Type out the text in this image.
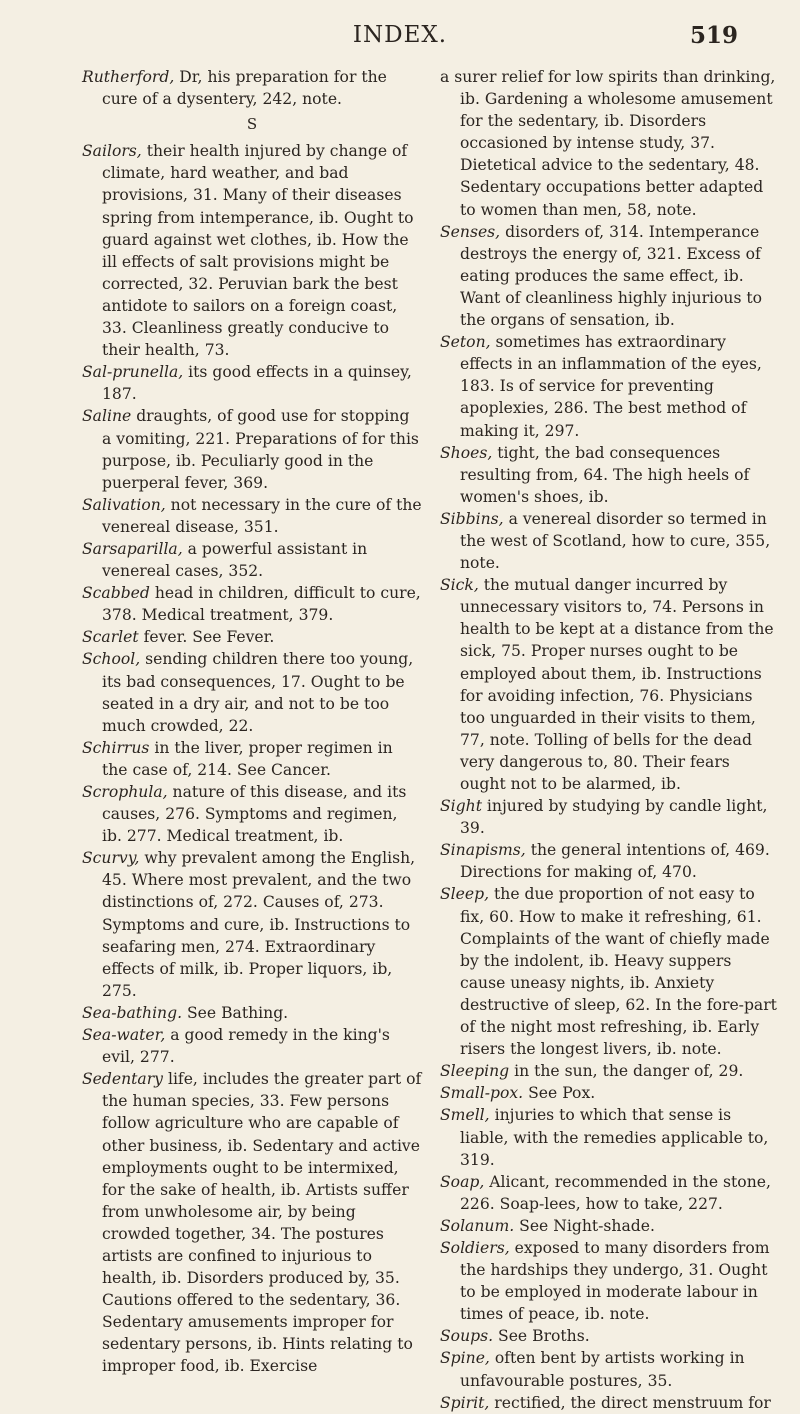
INDEX.	519

Rutherford, Dr, his preparation for the cure of a dysentery, 242, note.

S

Sailors, their health injured by change of climate, hard weather, and bad provisions, 31. Many of their diseases spring from intemperance, ib. Ought to guard against wet clothes, ib. How the ill effects of salt provisions might be corrected, 32. Peruvian bark the best antidote to sailors on a foreign coast, 33. Cleanliness greatly conducive to their health, 73.

Sal-prunella, its good effects in a quinsey, 187.

Saline draughts, of good use for stopping a vomiting, 221. Preparations of for this purpose, ib. Peculiarly good in the puerperal fever, 369.

Salivation, not necessary in the cure of the venereal disease, 351.

Sarsaparilla, a powerful assistant in venereal cases, 352.

Scabbed head in children, difficult to cure, 378. Medical treatment, 379.

Scarlet fever. See Fever.

School, sending children there too young, its bad consequences, 17. Ought to be seated in a dry air, and not to be too much crowded, 22.

Schirrus in the liver, proper regimen in the case of, 214. See Cancer.

Scrophula, nature of this disease, and its causes, 276. Symptoms and regimen, ib. 277. Medical treatment, ib.

Scurvy, why prevalent among the English, 45. Where most prevalent, and the two distinctions of, 272. Causes of, 273. Symptoms and cure, ib. Instructions to seafaring men, 274. Extraordinary effects of milk, ib. Proper liquors, ib, 275.

Sea-bathing. See Bathing.

Sea-water, a good remedy in the king's evil, 277.

Sedentary life, includes the greater part of the human species, 33. Few persons follow agriculture who are capable of other business, ib. Sedentary and active employments ought to be intermixed, for the sake of health, ib. Artists suffer from unwholesome air, by being crowded together, 34. The postures artists are confined to injurious to health, ib. Disorders produced by, 35. Cautions offered to the sedentary, 36. Sedentary amusements improper for sedentary persons, ib. Hints relating to improper food, ib. Exercise

a surer relief for low spirits than drinking, ib. Gardening a wholesome amusement for the sedentary, ib. Disorders occasioned by intense study, 37. Dietetical advice to the sedentary, 48. Sedentary occupations better adapted to women than men, 58, note.

Senses, disorders of, 314. Intemperance destroys the energy of, 321. Excess of eating produces the same effect, ib. Want of cleanliness highly injurious to the organs of sensation, ib.

Seton, sometimes has extraordinary effects in an inflammation of the eyes, 183. Is of service for preventing apoplexies, 286. The best method of making it, 297.

Shoes, tight, the bad consequences resulting from, 64. The high heels of women's shoes, ib.

Sibbins, a venereal disorder so termed in the west of Scotland, how to cure, 355, note.

Sick, the mutual danger incurred by unnecessary visitors to, 74. Persons in health to be kept at a distance from the sick, 75. Proper nurses ought to be employed about them, ib. Instructions for avoiding infection, 76. Physicians too unguarded in their visits to them, 77, note. Tolling of bells for the dead very dangerous to, 80. Their fears ought not to be alarmed, ib.

Sight injured by studying by candle light, 39.

Sinapisms, the general intentions of, 469. Directions for making of, 470.

Sleep, the due proportion of not easy to fix, 60. How to make it refreshing, 61. Complaints of the want of chiefly made by the indolent, ib. Heavy suppers cause uneasy nights, ib. Anxiety destructive of sleep, 62. In the fore-part of the night most refreshing, ib. Early risers the longest livers, ib. note.

Sleeping in the sun, the danger of, 29.

Small-pox. See Pox.

Smell, injuries to which that sense is liable, with the remedies applicable to, 319.

Soap, Alicant, recommended in the stone, 226. Soap-lees, how to take, 227.

Solanum. See Night-shade.

Soldiers, exposed to many disorders from the hardships they undergo, 31. Ought to be employed in moderate labour in times of peace, ib. note.

Soups. See Broths.

Spine, often bent by artists working in unfavourable postures, 35.

Spirit, rectified, the direct menstruum for
